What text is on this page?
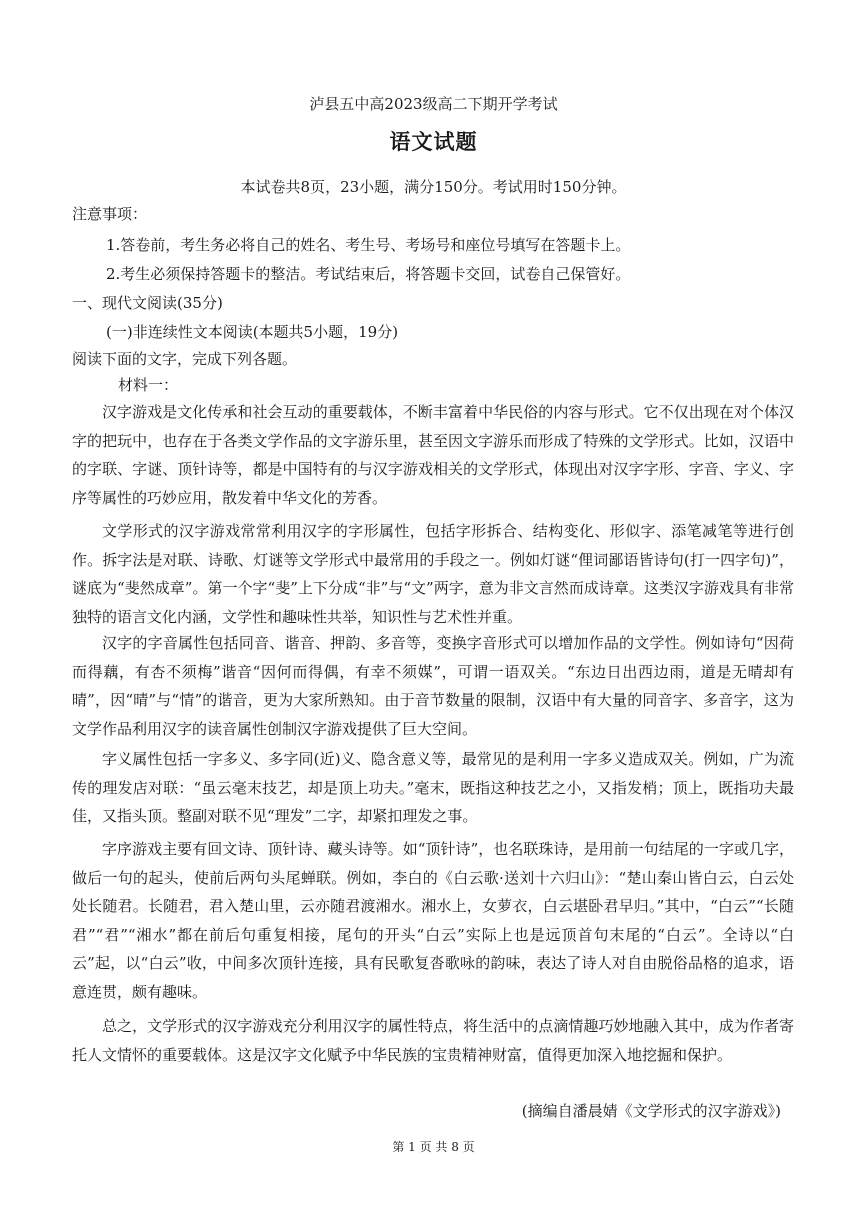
泸县五中高2023级高二下期开学考试
语文试题
本试卷共8页，23小题，满分150分。考试用时150分钟。
注意事项：
1.答卷前，考生务必将自己的姓名、考生号、考场号和座位号填写在答题卡上。
2.考生必须保持答题卡的整洁。考试结束后，将答题卡交回，试卷自己保管好。
一、现代文阅读(35分)
(一)非连续性文本阅读(本题共5小题，19分)
阅读下面的文字，完成下列各题。
材料一：
汉字游戏是文化传承和社会互动的重要载体，不断丰富着中华民俗的内容与形式。它不仅出现在对个体汉字的把玩中，也存在于各类文学作品的文字游乐里，甚至因文字游乐而形成了特殊的文学形式。比如，汉语中的字联、字谜、顶针诗等，都是中国特有的与汉字游戏相关的文学形式，体现出对汉字字形、字音、字义、字序等属性的巧妙应用，散发着中华文化的芳香。
文学形式的汉字游戏常常利用汉字的字形属性，包括字形拆合、结构变化、形似字、添笔减笔等进行创作。拆字法是对联、诗歌、灯谜等文学形式中最常用的手段之一。例如灯谜“俚词鄙语皆诗句(打一四字句)”，谜底为“斐然成章”。第一个字“斐”上下分成“非”与“文”两字，意为非文言然而成诗章。这类汉字游戏具有非常独特的语言文化内涵，文学性和趣味性共举，知识性与艺术性并重。
汉字的字音属性包括同音、谐音、押韵、多音等，变换字音形式可以增加作品的文学性。例如诗句“因荷而得藕，有杏不须梅”谐音“因何而得偶，有幸不须媒”，可谓一语双关。“东边日出西边雨，道是无晴却有晴”，因“晴”与“情”的谐音，更为大家所熟知。由于音节数量的限制，汉语中有大量的同音字、多音字，这为文学作品利用汉字的读音属性创制汉字游戏提供了巨大空间。
字义属性包括一字多义、多字同(近)义、隐含意义等，最常见的是利用一字多义造成双关。例如，广为流传的理发店对联：“虽云毫末技艺，却是顶上功夫。”毫末，既指这种技艺之小，又指发梢；顶上，既指功夫最佳，又指头顶。整副对联不见“理发”二字，却紧扣理发之事。
字序游戏主要有回文诗、顶针诗、藏头诗等。如“顶针诗”，也名联珠诗，是用前一句结尾的一字或几字，做后一句的起头，使前后两句头尾蝉联。例如，李白的《白云歌·送刘十六归山》：“楚山秦山皆白云，白云处处长随君。长随君，君入楚山里，云亦随君渡湘水。湘水上，女萝衣，白云堪卧君早归。”其中，“白云”“长随君”“君”“湘水”都在前后句重复相接，尾句的开头“白云”实际上也是远顶首句末尾的“白云”。全诗以“白云”起，以“白云”收，中间多次顶针连接，具有民歌复沓歌咏的韵味，表达了诗人对自由脱俗品格的追求，语意连贯，颇有趣味。
总之，文学形式的汉字游戏充分利用汉字的属性特点，将生活中的点滴情趣巧妙地融入其中，成为作者寄托人文情怀的重要载体。这是汉字文化赋予中华民族的宝贵精神财富，值得更加深入地挖掘和保护。
(摘编自潘晨婧《文学形式的汉字游戏》)
第 1 页 共 8 页
